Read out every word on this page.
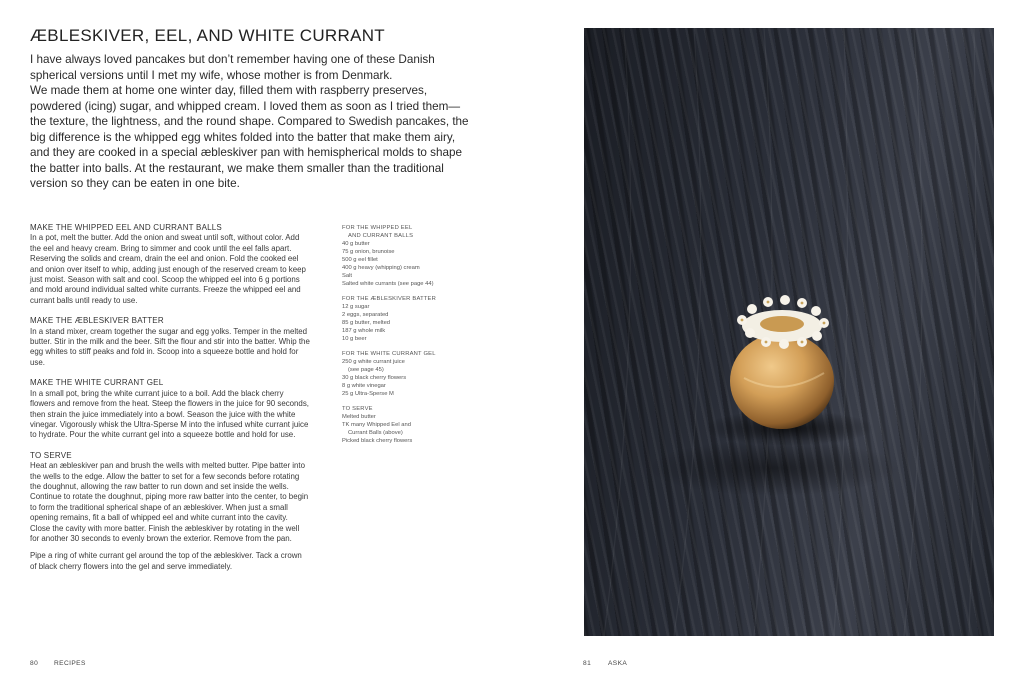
ÆBLESKIVER, EEL, AND WHITE CURRANT

I have always loved pancakes but don’t remember having one of these Danish spherical versions until I met my wife, whose mother is from Denmark.

We made them at home one winter day, filled them with raspberry preserves, powdered (icing) sugar, and whipped cream. I loved them as soon as I tried them—the texture, the lightness, and the round shape. Compared to Swedish pancakes, the big difference is the whipped egg whites folded into the batter that make them airy, and they are cooked in a special æbleskiver pan with hemispherical molds to shape the batter into balls. At the restaurant, we make them smaller than the traditional version so they can be eaten in one bite.

MAKE THE WHIPPED EEL AND CURRANT BALLS

In a pot, melt the butter. Add the onion and sweat until soft, without color. Add the eel and heavy cream. Bring to simmer and cook until the eel falls apart. Reserving the solids and cream, drain the eel and onion. Fold the cooked eel and onion over itself to whip, adding just enough of the reserved cream to keep just moist. Season with salt and cool. Scoop the whipped eel into 6 g portions and mold around individual salted white currants. Freeze the whipped eel and currant balls until ready to use.

MAKE THE ÆBLESKIVER BATTER

In a stand mixer, cream together the sugar and egg yolks. Temper in the melted butter. Stir in the milk and the beer. Sift the flour and stir into the batter. Whip the egg whites to stiff peaks and fold in. Scoop into a squeeze bottle and hold for use.

MAKE THE WHITE CURRANT GEL

In a small pot, bring the white currant juice to a boil. Add the black cherry flowers and remove from the heat. Steep the flowers in the juice for 90 seconds, then strain the juice immediately into a bowl. Season the juice with the white vinegar. Vigorously whisk the Ultra-Sperse M into the infused white currant juice to hydrate. Pour the white currant gel into a squeeze bottle and hold for use.

TO SERVE

Heat an æbleskiver pan and brush the wells with melted butter. Pipe batter into the wells to the edge. Allow the batter to set for a few seconds before rotating the doughnut, allowing the raw batter to run down and set inside the wells. Continue to rotate the doughnut, piping more raw batter into the center, to begin to form the traditional spherical shape of an æbleskiver. When just a small opening remains, fit a ball of whipped eel and white currant into the cavity. Close the cavity with more batter. Finish the æbleskiver by rotating in the well for another 30 seconds to evenly brown the exterior. Remove from the pan.

Pipe a ring of white currant gel around the top of the æbleskiver. Tack a crown of black cherry flowers into the gel and serve immediately.

FOR THE WHIPPED EEL

AND CURRANT BALLS

40 g butter

75 g onion, brunoise

500 g eel fillet

400 g heavy (whipping) cream

Salt

Salted white currants (see page 44)

FOR THE ÆBLESKIVER BATTER

12 g sugar

2 eggs, separated

85 g butter, melted

187 g whole milk

10 g beer

FOR THE WHITE CURRANT GEL

250 g white currant juice

(see page 45)

30 g black cherry flowers

8 g white vinegar

25 g Ultra-Sperse M

TO SERVE

Melted butter

TK many Whipped Eel and

Currant Balls (above)

Picked black cherry flowers

80 RECIPES	81	ASKA
